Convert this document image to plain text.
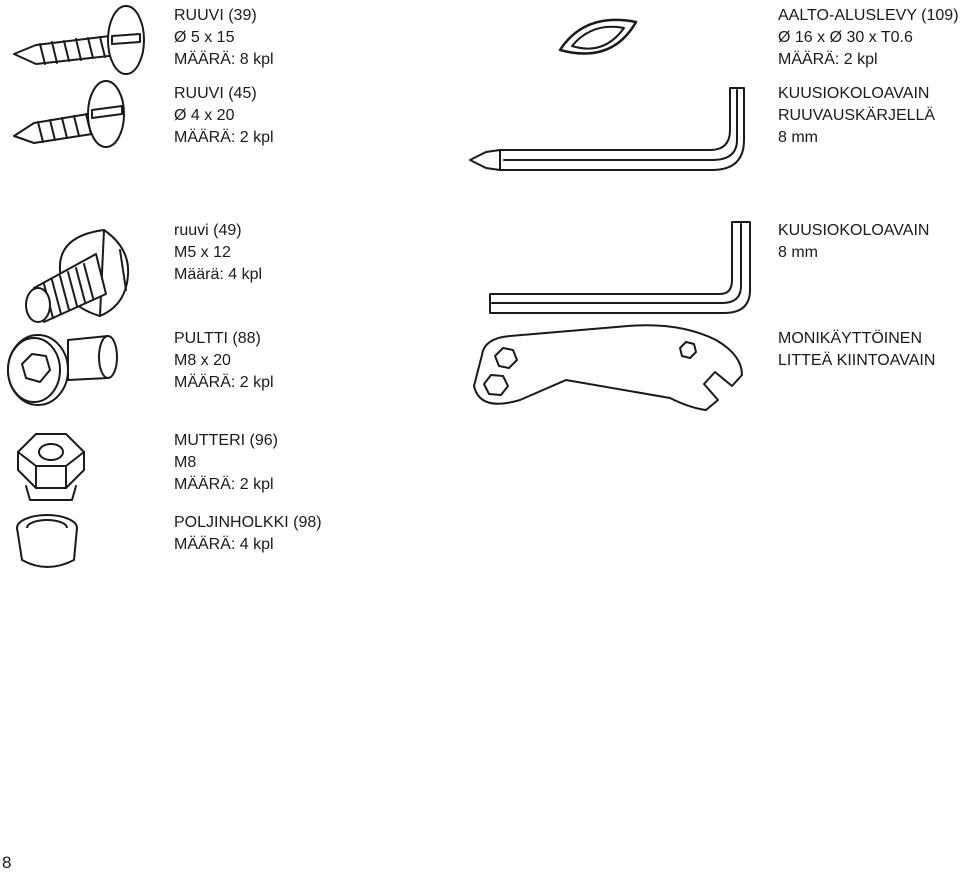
RUUVI (39)
Ø 5 x 15
MÄÄRÄ: 8 kpl
RUUVI (45)
Ø 4 x 20
MÄÄRÄ: 2 kpl
AALTO-ALUSLEVY (109)
Ø 16 x Ø 30 x T0.6
MÄÄRÄ: 2 kpl
KUUSIOKOLOAVAIN
RUUVAUSKÄRJELLÄ
8 mm
ruuvi (49)
M5 x 12
Määrä: 4 kpl
KUUSIOKOLOAVAIN
8 mm
PULTTI (88)
M8 x 20
MÄÄRÄ: 2 kpl
MONIKÄYTTÖINEN
LITTEÄ KIINTOAVAIN
MUTTERI (96)
M8
MÄÄRÄ: 2 kpl
POLJINHOLKKI (98)
MÄÄRÄ: 4 kpl
8
